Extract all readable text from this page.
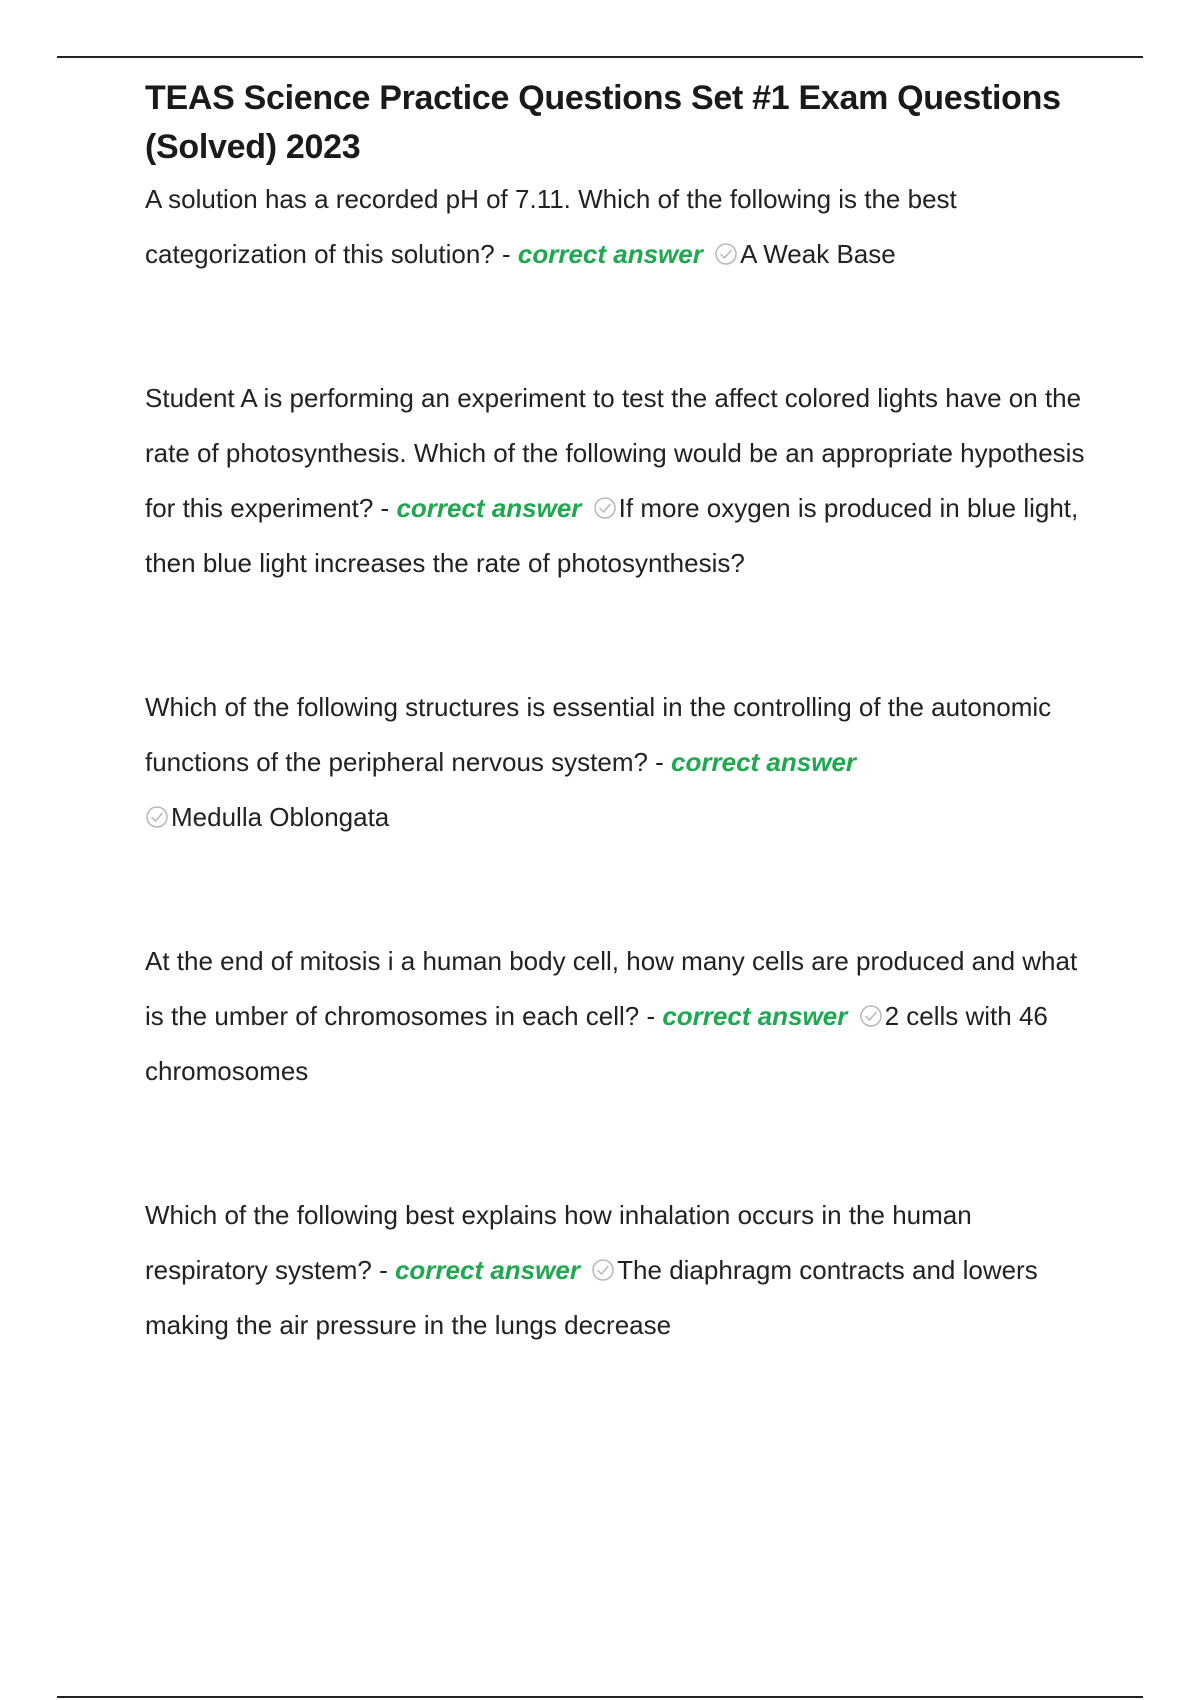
TEAS Science Practice Questions Set #1 Exam Questions (Solved) 2023

A solution has a recorded pH of 7.11. Which of the following is the best categorization of this solution? - correct answer A Weak Base

Student A is performing an experiment to test the affect colored lights have on the rate of photosynthesis. Which of the following would be an appropriate hypothesis for this experiment? - correct answer If more oxygen is produced in blue light, then blue light increases the rate of photosynthesis?

Which of the following structures is essential in the controlling of the autonomic functions of the peripheral nervous system? - correct answer

Medulla Oblongata

At the end of mitosis i a human body cell, how many cells are produced and what is the umber of chromosomes in each cell? - correct answer 2 cells with 46 chromosomes

Which of the following best explains how inhalation occurs in the human respiratory system? - correct answer The diaphragm contracts and lowers making the air pressure in the lungs decrease
